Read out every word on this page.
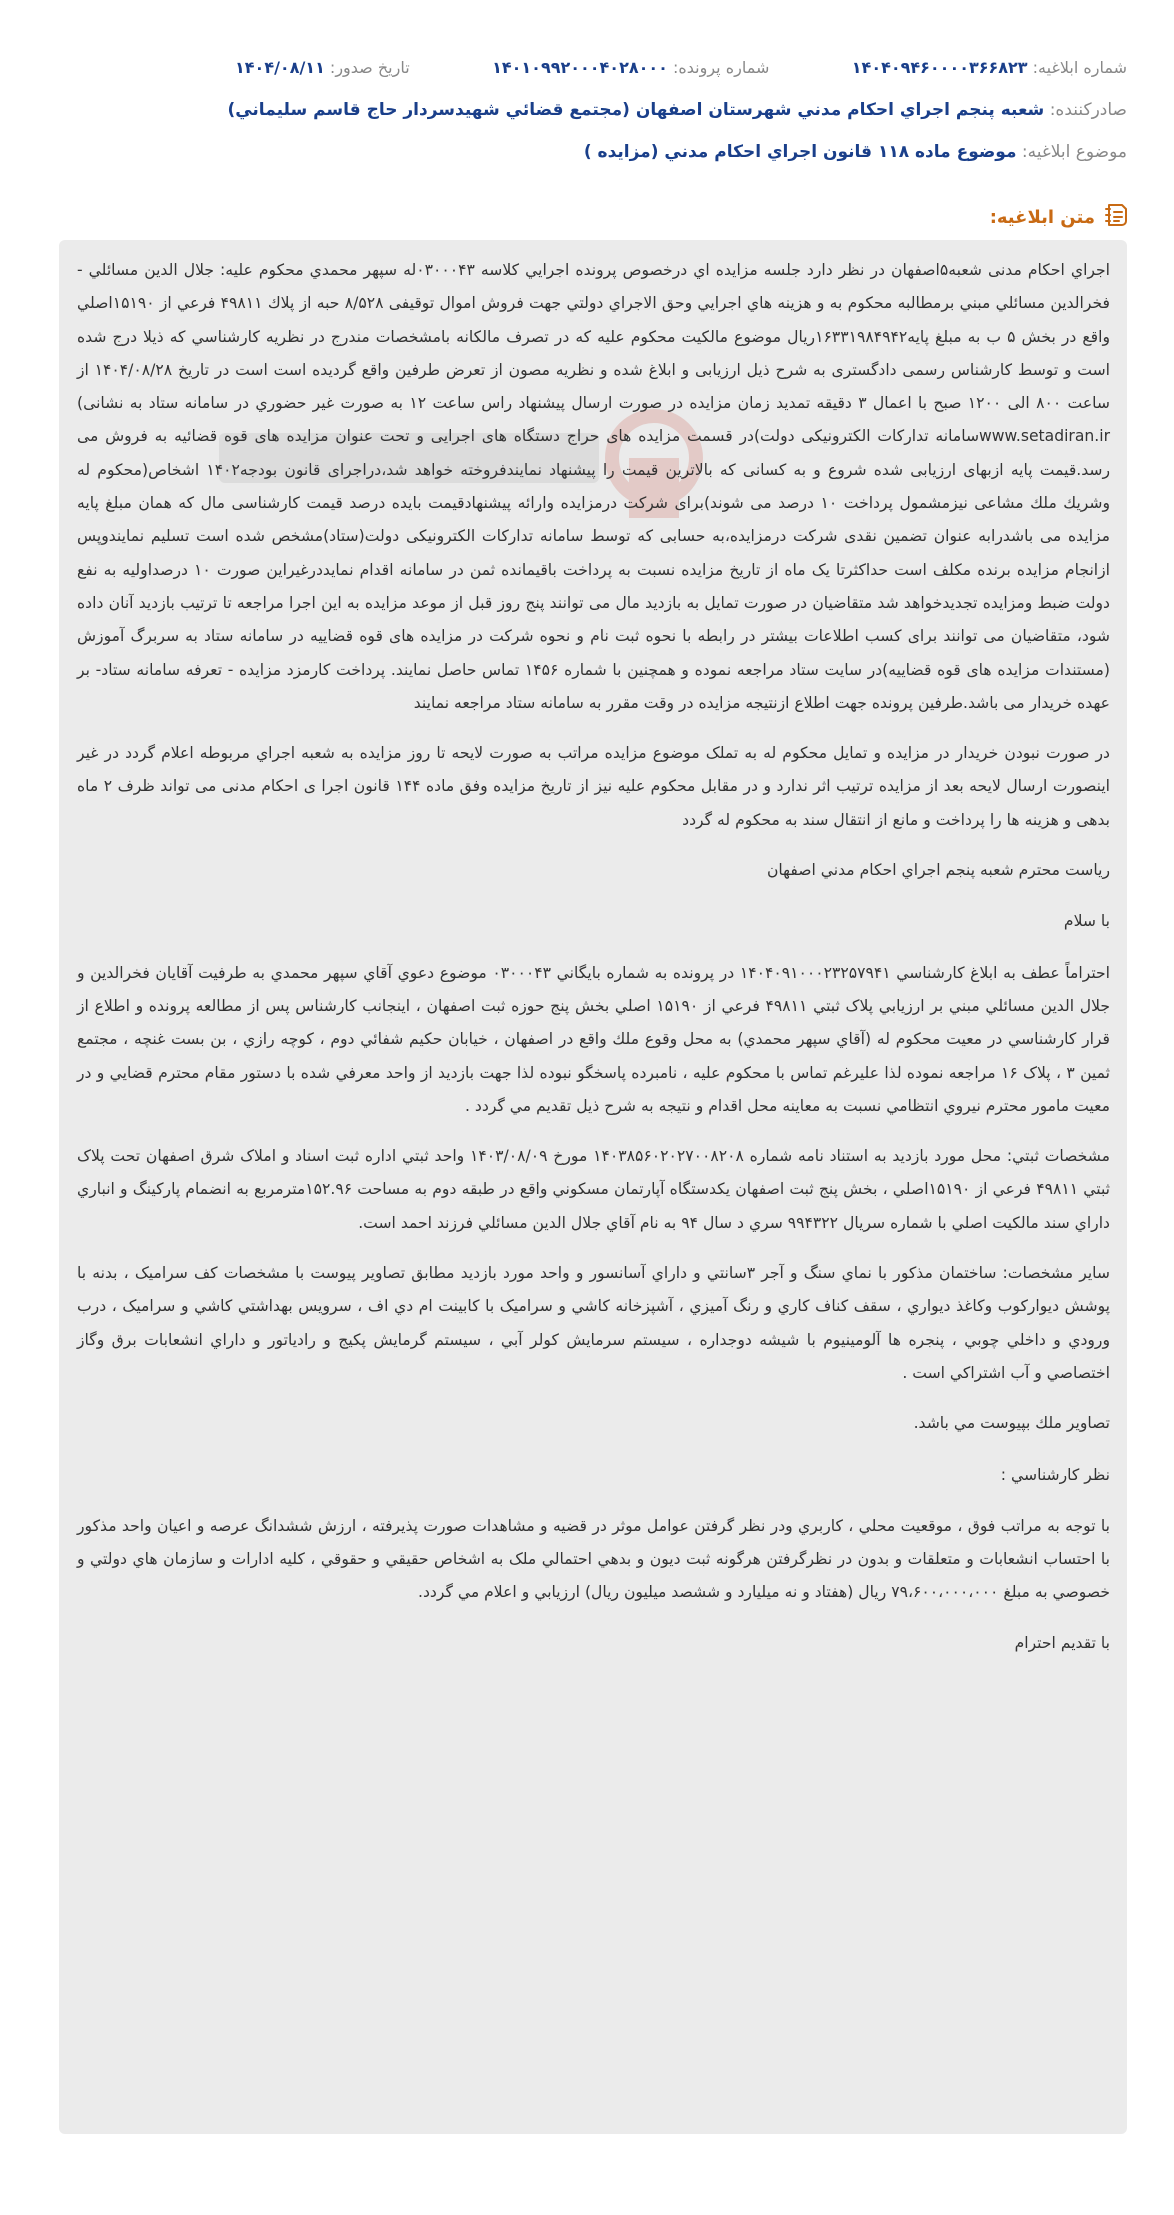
شماره ابلاغیه: ۱۴۰۴۰۹۴۶۰۰۰۰۳۶۶۸۲۳
شماره پرونده: ۱۴۰۱۰۹۹۲۰۰۰۴۰۲۸۰۰۰
تاریخ صدور: ۱۴۰۴/۰۸/۱۱
صادرکننده: شعبه پنجم اجراي احكام مدني شهرستان اصفهان (مجتمع قضائي شهيدسردار حاج قاسم سليماني)
موضوع ابلاغیه: موضوع ماده ۱۱۸ قانون اجراي احكام مدني (مزايده )
متن ابلاغیه:

اجراي احكام مدنى شعبه۵اصفهان در نظر دارد جلسه مزايده اي درخصوص پرونده اجرايي كلاسه ۰۳۰۰۰۴۳له سپهر محمدي محكوم عليه: جلال الدين مسائلي - فخرالدين مسائلي مبني برمطالبه محكوم به و هزينه هاي اجرايي وحق الاجراي دولتي جهت فروش اموال توقيفى ۸/۵۲۸ حبه از پلاك ۴۹۸۱۱ فرعي از ۱۵۱۹۰اصلي واقع در بخش ۵ ب به مبلغ پايه۱۶۳۳۱۹۸۴۹۴۲ريال موضوع مالكيت محكوم عليه كه در تصرف مالكانه بامشخصات مندرج در نظريه كارشناسي كه ذيلا درج شده است و توسط كارشناس رسمى دادگسترى به شرح ذيل ارزيابى و ابلاغ شده و نظريه مصون از تعرض طرفين واقع گرديده است است در تاريخ ۱۴۰۴/۰۸/۲۸ از ساعت ۸۰۰ الى ۱۲۰۰ صبح با اعمال ۳ دقيقه تمديد زمان مزايده در صورت ارسال پيشنهاد راس ساعت ۱۲ به صورت غير حضوري در سامانه ستاد به نشانى) www.setadiran.irسامانه تداركات الكترونيكى دولت)در قسمت مزايده هاى حراج دستگاه هاى اجرايى و تحت عنوان مزايده هاى قوه قضائيه به فروش مى رسد.قيمت پايه ازبهاى ارزيابى شده شروع و به كسانى كه بالاترين قيمت را پيشنهاد نمايندفروخته خواهد شد،دراجراى قانون بودجه۱۴۰۲ اشخاص(محكوم له وشريك ملك مشاعى نيزمشمول پرداخت ۱۰ درصد مى شوند)براى شركت درمزايده وارائه پيشنهادقيمت بايده درصد قيمت كارشناسى مال كه همان مبلغ پايه مزايده مى باشدرابه عنوان تضمين نقدى شركت درمزايده،به حسابى كه توسط سامانه تداركات الكترونيكى دولت(ستاد)مشخص شده است تسليم نمايندوپس ازانجام مزايده برنده مكلف است حداكثرتا يک ماه از تاريخ مزايده نسبت به پرداخت باقيمانده ثمن در سامانه اقدام نمايددرغيراين صورت ۱۰ درصداوليه به نفع دولت ضبط ومزايده تجديدخواهد شد متقاضيان در صورت تمايل به بازديد مال مى توانند پنج روز قبل از موعد مزايده به اين اجرا مراجعه تا ترتيب بازديد آنان داده شود، متقاضيان مى توانند براى كسب اطلاعات بيشتر در رابطه با نحوه ثبت نام و نحوه شركت در مزايده هاى قوه قضاييه در سامانه ستاد به سربرگ آموزش (مستندات مزايده هاى قوه قضاييه)در سايت ستاد مراجعه نموده و همچنين با شماره ۱۴۵۶ تماس حاصل نمايند. پرداخت كارمزد مزايده - تعرفه سامانه ستاد- بر عهده خريدار مى باشد.طرفين پرونده جهت اطلاع ازنتيجه مزايده در وقت مقرر به سامانه ستاد مراجعه نمايند

در صورت نبودن خريدار در مزايده و تمايل محكوم له به تملک موضوع مزايده مراتب به صورت لايحه تا روز مزايده به شعبه اجراي مربوطه اعلام گردد در غير اينصورت ارسال لايحه بعد از مزايده ترتيب اثر ندارد و در مقابل محكوم عليه نيز از تاريخ مزايده وفق ماده ۱۴۴ قانون اجرا ى احكام مدنى مى تواند ظرف ۲ ماه بدهى و هزينه ها را پرداخت و مانع از انتقال سند به محكوم له گردد

رياست محترم شعبه پنجم اجراي احكام مدني اصفهان

با سلام

احتراماً عطف به ابلاغ كارشناسي ۱۴۰۴۰۹۱۰۰۰۲۳۲۵۷۹۴۱ در پرونده به شماره بايگاني ۰۳۰۰۰۴۳ موضوع دعوي آقاي سپهر محمدي به طرفيت آقايان فخرالدين و جلال الدين مسائلي مبني بر ارزيابي پلاک ثبتي ۴۹۸۱۱ فرعي از ۱۵۱۹۰ اصلي بخش پنج حوزه ثبت اصفهان ، اينجانب كارشناس پس از مطالعه پرونده و اطلاع از قرار كارشناسي در معيت محكوم له (آقاي سپهر محمدي) به محل وقوع ملك واقع در اصفهان ، خيابان حكيم شفائي دوم ، كوچه رازي ، بن بست غنچه ، مجتمع ثمين ۳ ، پلاک ۱۶ مراجعه نموده لذا عليرغم تماس با محكوم عليه ، نامبرده پاسخگو نبوده لذا جهت بازديد از واحد معرفي شده با دستور مقام محترم قضايي و در معيت مامور محترم نيروي انتظامي نسبت به معاينه محل اقدام و نتيجه به شرح ذيل تقديم مي گردد .

مشخصات ثبتي: محل مورد بازديد به استناد نامه شماره ۱۴۰۳۸۵۶۰۲۰۲۷۰۰۸۲۰۸ مورخ ۱۴۰۳/۰۸/۰۹ واحد ثبتي اداره ثبت اسناد و املاک شرق اصفهان تحت پلاک ثبتي ۴۹۸۱۱ فرعي از ۱۵۱۹۰اصلي ، بخش پنج ثبت اصفهان يكدستگاه آپارتمان مسكوني واقع در طبقه دوم به مساحت ۱۵۲.۹۶مترمربع به انضمام پاركينگ و انباري داراي سند مالكيت اصلي با شماره سريال ۹۹۴۳۲۲ سري د سال ۹۴ به نام آقاي جلال الدين مسائلي فرزند احمد است.

ساير مشخصات: ساختمان مذكور با نماي سنگ و آجر ۳سانتي و داراي آسانسور و واحد مورد بازديد مطابق تصاوير پيوست با مشخصات كف سراميک ، بدنه با پوشش ديواركوب وكاغذ ديواري ، سقف كناف كاري و رنگ آميزي ، آشپزخانه كاشي و سراميک با كابينت ام دي اف ، سرويس بهداشتي كاشي و سراميک ، درب ورودي و داخلي چوبي ، پنجره ها آلومينيوم با شيشه دوجداره ، سيستم سرمايش كولر آبي ، سيستم گرمايش پكيج و رادياتور و داراي انشعابات برق وگاز اختصاصي و آب اشتراكي است .

تصاوير ملك بپيوست مي باشد.

نظر كارشناسي :

با توجه به مراتب فوق ، موقعيت محلي ، كاربري ودر نظر گرفتن عوامل موثر در قضيه و مشاهدات صورت پذيرفته ، ارزش ششدانگ عرصه و اعيان واحد مذكور با احتساب انشعابات و متعلقات و بدون در نظرگرفتن هرگونه ثبت ديون و بدهي احتمالي ملک به اشخاص حقيقي و حقوقي ، كليه ادارات و سازمان هاي دولتي و خصوصي به مبلغ ۷۹،۶۰۰،۰۰۰،۰۰۰ ريال (هفتاد و نه ميليارد و ششصد ميليون ريال) ارزيابي و اعلام مي گردد.

با تقديم احترام
